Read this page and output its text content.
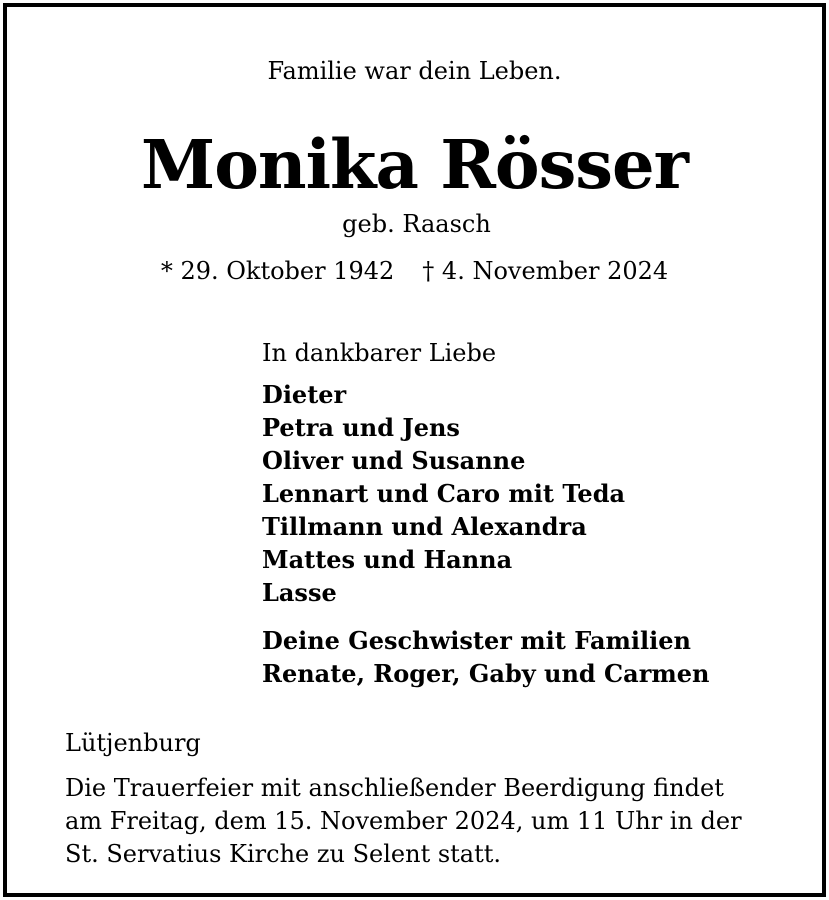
Familie war dein Leben.
Monika Rösser
geb. Raasch
* 29. Oktober 1942 † 4. November 2024
In dankbarer Liebe
Dieter
Petra und Jens
Oliver und Susanne
Lennart und Caro mit Teda
Tillmann und Alexandra
Mattes und Hanna
Lasse
Deine Geschwister mit Familien
Renate, Roger, Gaby und Carmen
Lütjenburg
Die Trauerfeier mit anschließender Beerdigung findet
am Freitag, dem 15. November 2024, um 11 Uhr in der
St. Servatius Kirche zu Selent statt.
